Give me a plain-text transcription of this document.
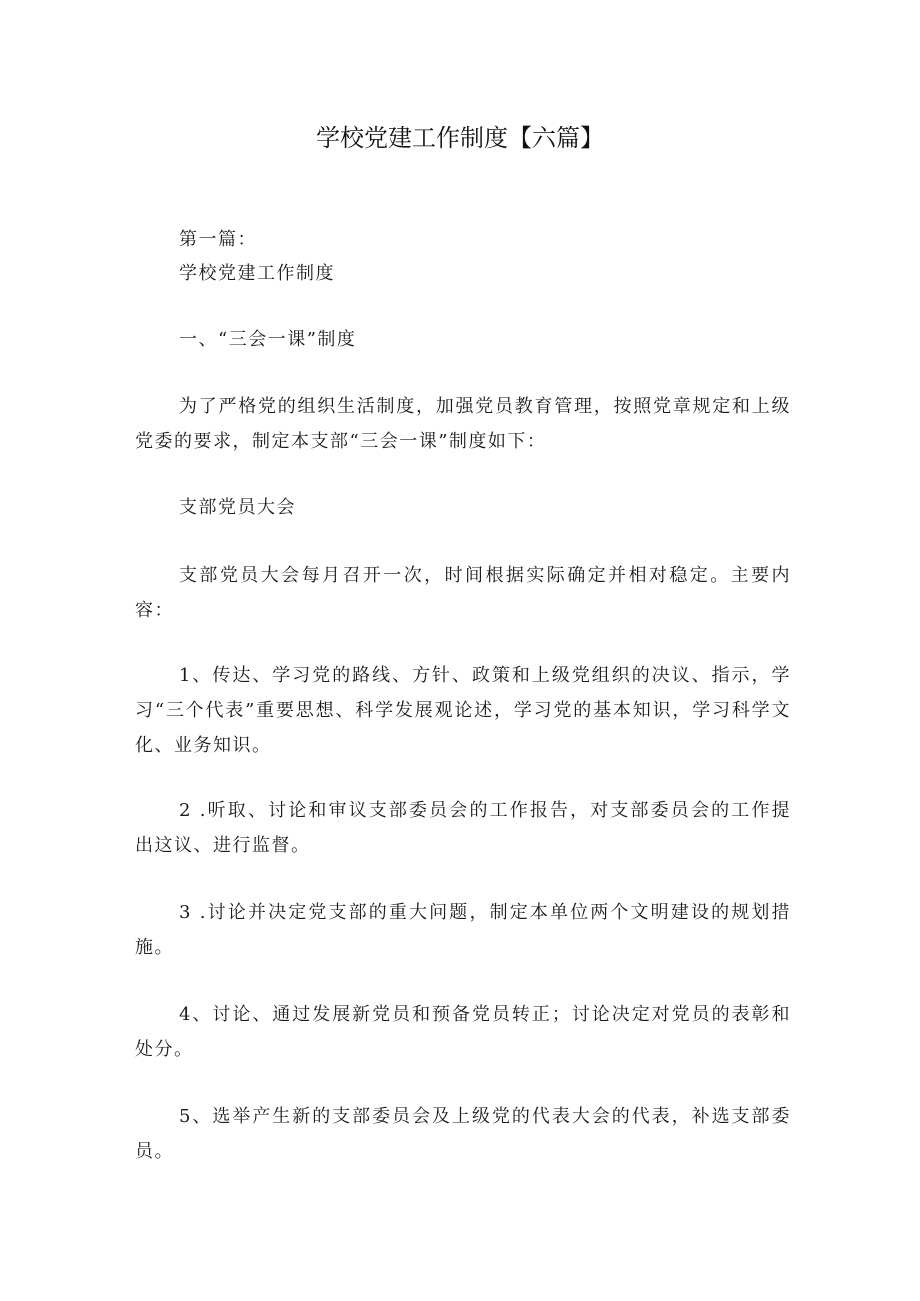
学校党建工作制度【六篇】
第一篇：
学校党建工作制度
一、“三会一课”制度
为了严格党的组织生活制度，加强党员教育管理，按照党章规定和上级党委的要求，制定本支部“三会一课”制度如下：
支部党员大会
支部党员大会每月召开一次，时间根据实际确定并相对稳定。主要内容：
1、传达、学习党的路线、方针、政策和上级党组织的决议、指示，学习“三个代表”重要思想、科学发展观论述，学习党的基本知识，学习科学文化、业务知识。
2 .听取、讨论和审议支部委员会的工作报告，对支部委员会的工作提出这议、进行监督。
3 .讨论并决定党支部的重大问题，制定本单位两个文明建设的规划措施。
4、讨论、通过发展新党员和预备党员转正；讨论决定对党员的表彰和处分。
5、选举产生新的支部委员会及上级党的代表大会的代表，补选支部委员。
